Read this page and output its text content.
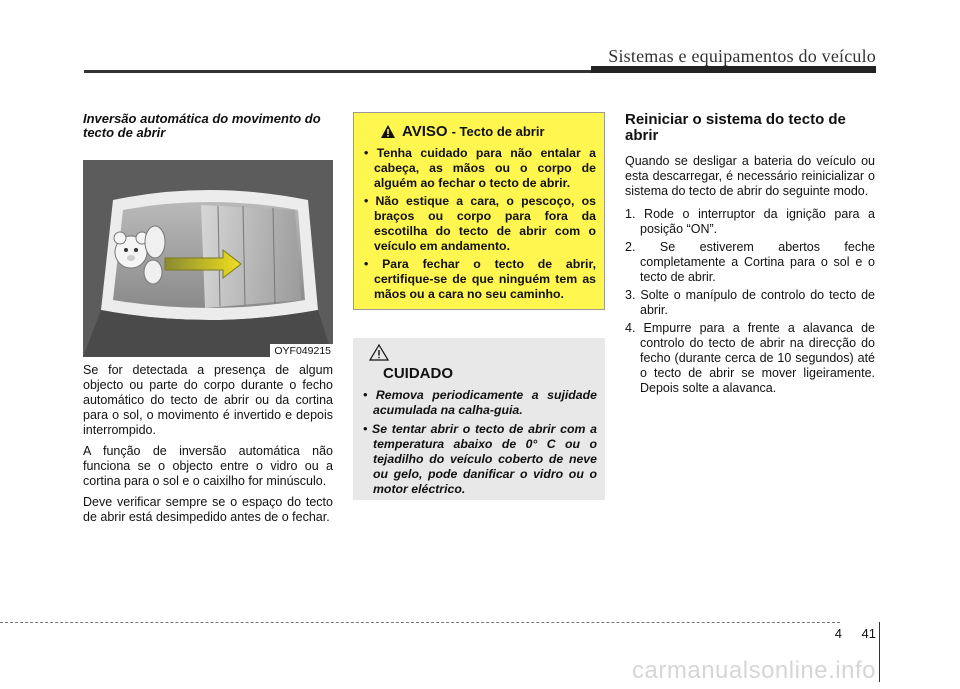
Sistemas e equipamentos do veículo

Inversão automática do movimento do tecto de abrir

OYF049215

Se for detectada a presença de algum objecto ou parte do corpo durante o fecho automático do tecto de abrir ou da cortina para o sol, o movimento é invertido e depois interrompido.

A função de inversão automática não funciona se o objecto entre o vidro ou a cortina para o sol e o caixilho for minúsculo.

Deve verificar sempre se o espaço do tecto de abrir está desimpedido antes de o fechar.

AVISO - Tecto de abrir
• Tenha cuidado para não entalar a cabeça, as mãos ou o corpo de alguém ao fechar o tecto de abrir.
• Não estique a cara, o pescoço, os braços ou corpo para fora da escotilha do tecto de abrir com o veículo em andamento.
• Para fechar o tecto de abrir, certifique-se de que ninguém tem as mãos ou a cara no seu caminho.
CUIDADO
• Remova periodicamente a sujidade acumulada na calha-guia.
• Se tentar abrir o tecto de abrir com a temperatura abaixo de 0° C ou o tejadilho do veículo coberto de neve ou gelo, pode danificar o vidro ou o motor eléctrico.
Reiniciar o sistema do tecto de abrir

Quando se desligar a bateria do veículo ou esta descarregar, é necessário reinicializar o sistema do tecto de abrir do seguinte modo.

1. Rode o interruptor da ignição para a posição “ON”.
2. Se estiverem abertos feche completamente a Cortina para o sol e o tecto de abrir.
3. Solte o manípulo de controlo do tecto de abrir.
4. Empurre para a frente a alavanca de controlo do tecto de abrir na direcção do fecho (durante cerca de 10 segundos) até o tecto de abrir se mover ligeiramente. Depois solte a alavanca.
4 41
carmanualsonline.info
